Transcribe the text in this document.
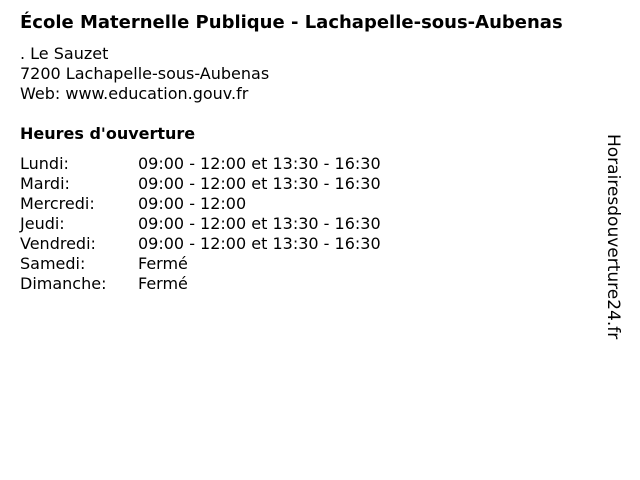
École Maternelle Publique - Lachapelle-sous-Aubenas
. Le Sauzet
7200 Lachapelle-sous-Aubenas
Web: www.education.gouv.fr
Heures d'ouverture
Lundi:	09:00 - 12:00 et 13:30 - 16:30
Mardi:	09:00 - 12:00 et 13:30 - 16:30
Mercredi:	09:00 - 12:00
Jeudi:	09:00 - 12:00 et 13:30 - 16:30
Vendredi:	09:00 - 12:00 et 13:30 - 16:30
Samedi:	Fermé
Dimanche: Fermé	Horairesdouverture24.fr
